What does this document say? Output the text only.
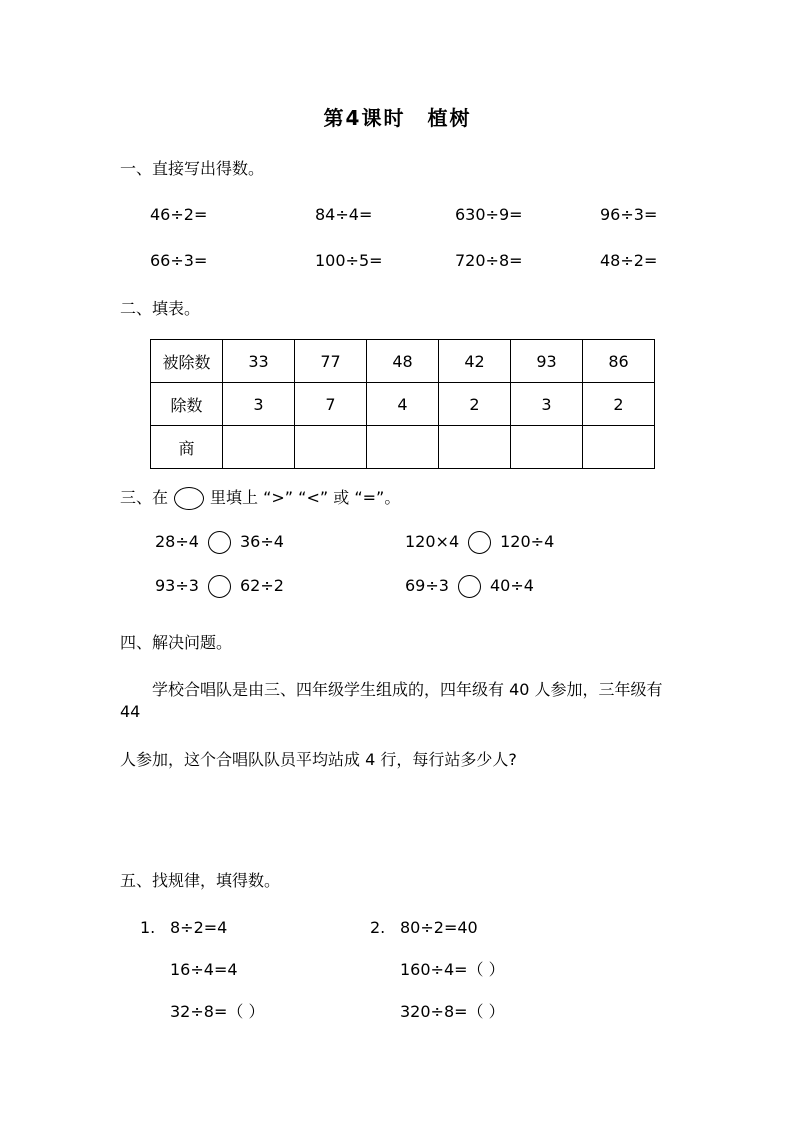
第4课时　植树
一、直接写出得数。
46÷2=	84÷4=	630÷9=	96÷3=
66÷3=	100÷5=	720÷8=	48÷2=
二、填表。
被除数	33	77	48	42	93	86
除数	3	7	4	2	3	2
商						
三、在	里填上 “>” “<” 或 “=”。
28÷4	36÷4	120×4	120÷4
93÷3	62÷2	69÷3	40÷4
四、解决问题。
学校合唱队是由三、四年级学生组成的，四年级有 40 人参加，三年级有 44
人参加，这个合唱队队员平均站成 4 行，每行站多少人?
五、找规律，填得数。
1. 8÷2=4
16÷4=4
32÷8=（ ）
2. 80÷2=40
160÷4=（ ）
320÷8=（ ）
